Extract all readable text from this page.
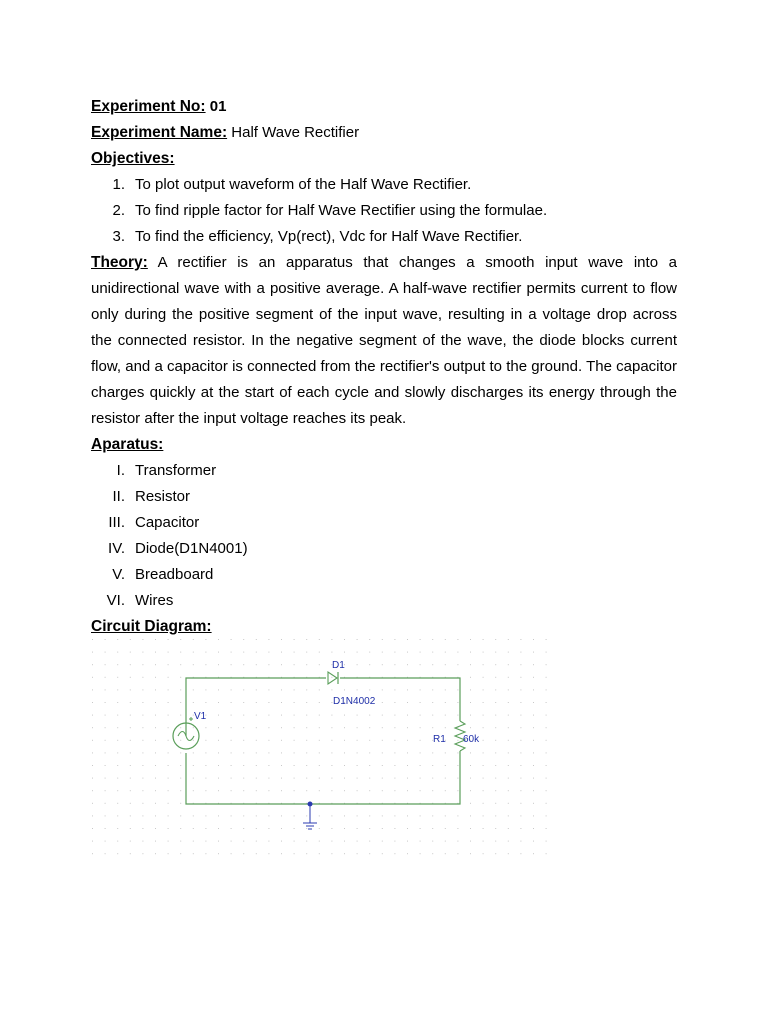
Experiment No: 01
Experiment Name: Half Wave Rectifier
Objectives:
1. To plot output waveform of the Half Wave Rectifier.
2. To find ripple factor for Half Wave Rectifier using the formulae.
3. To find the efficiency, Vp(rect), Vdc for Half Wave Rectifier.

Theory: A rectifier is an apparatus that changes a smooth input wave into a unidirectional wave with a positive average. A half-wave rectifier permits current to flow only during the positive segment of the input wave, resulting in a voltage drop across the connected resistor. In the negative segment of the wave, the diode blocks current flow, and a capacitor is connected from the rectifier's output to the ground. The capacitor charges quickly at the start of each cycle and slowly discharges its energy through the resistor after the input voltage reaches its peak.

Aparatus:
I. Transformer
II. Resistor
III. Capacitor
IV. Diode(D1N4001)
V. Breadboard
VI. Wires
Circuit Diagram:
D1
D1N4002
V1
R1 60k
